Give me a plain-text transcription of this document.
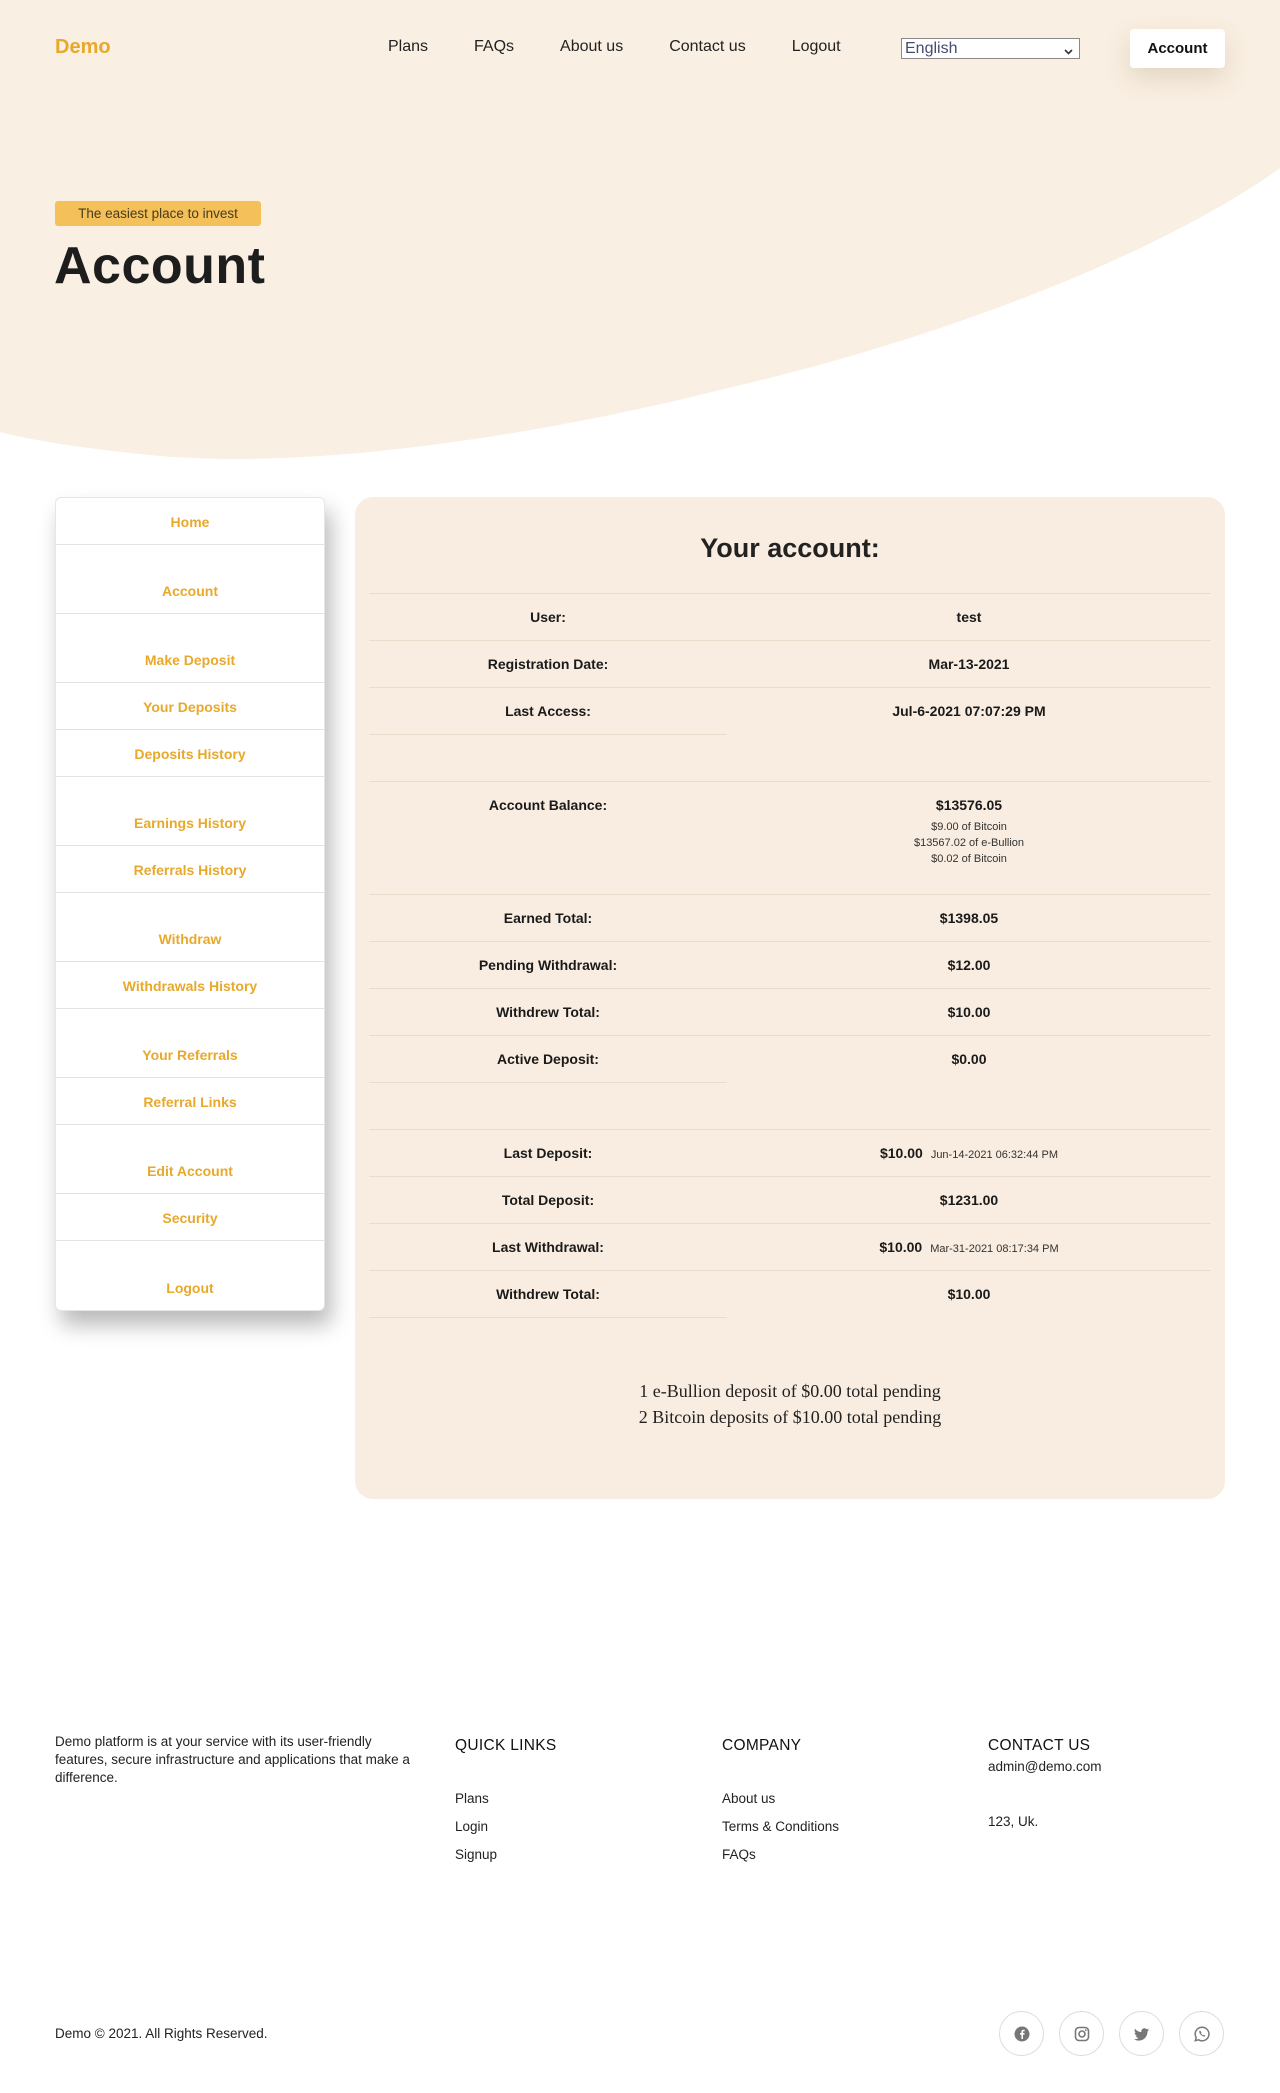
Demo	Plans	FAQs	About us	Contact us	Logout	English	Account
The easiest place to invest
Account
Home
Account
Make Deposit
Your Deposits
Deposits History
Earnings History
Referrals History
Withdraw
Withdrawals History
Your Referrals
Referral Links
Edit Account
Security
Logout
Your account:
User:	test
Registration Date:	Mar-13-2021
Last Access:	Jul-6-2021 07:07:29 PM
Account Balance:	$13576.05
$9.00 of Bitcoin
$13567.02 of e-Bullion
$0.02 of Bitcoin
Earned Total:	$1398.05
Pending Withdrawal:	$12.00
Withdrew Total:	$10.00
Active Deposit:	$0.00
Last Deposit:	$10.00 Jun-14-2021 06:32:44 PM
Total Deposit:	$1231.00
Last Withdrawal:	$10.00 Mar-31-2021 08:17:34 PM
Withdrew Total:	$10.00
1 e-Bullion deposit of $0.00 total pending
2 Bitcoin deposits of $10.00 total pending
Demo platform is at your service with its user-friendly features, secure infrastructure and applications that make a difference.
QUICK LINKS
Plans
Login
Signup
COMPANY
About us
Terms & Conditions
FAQs
CONTACT US
admin@demo.com
123, Uk.
Demo © 2021. All Rights Reserved.
